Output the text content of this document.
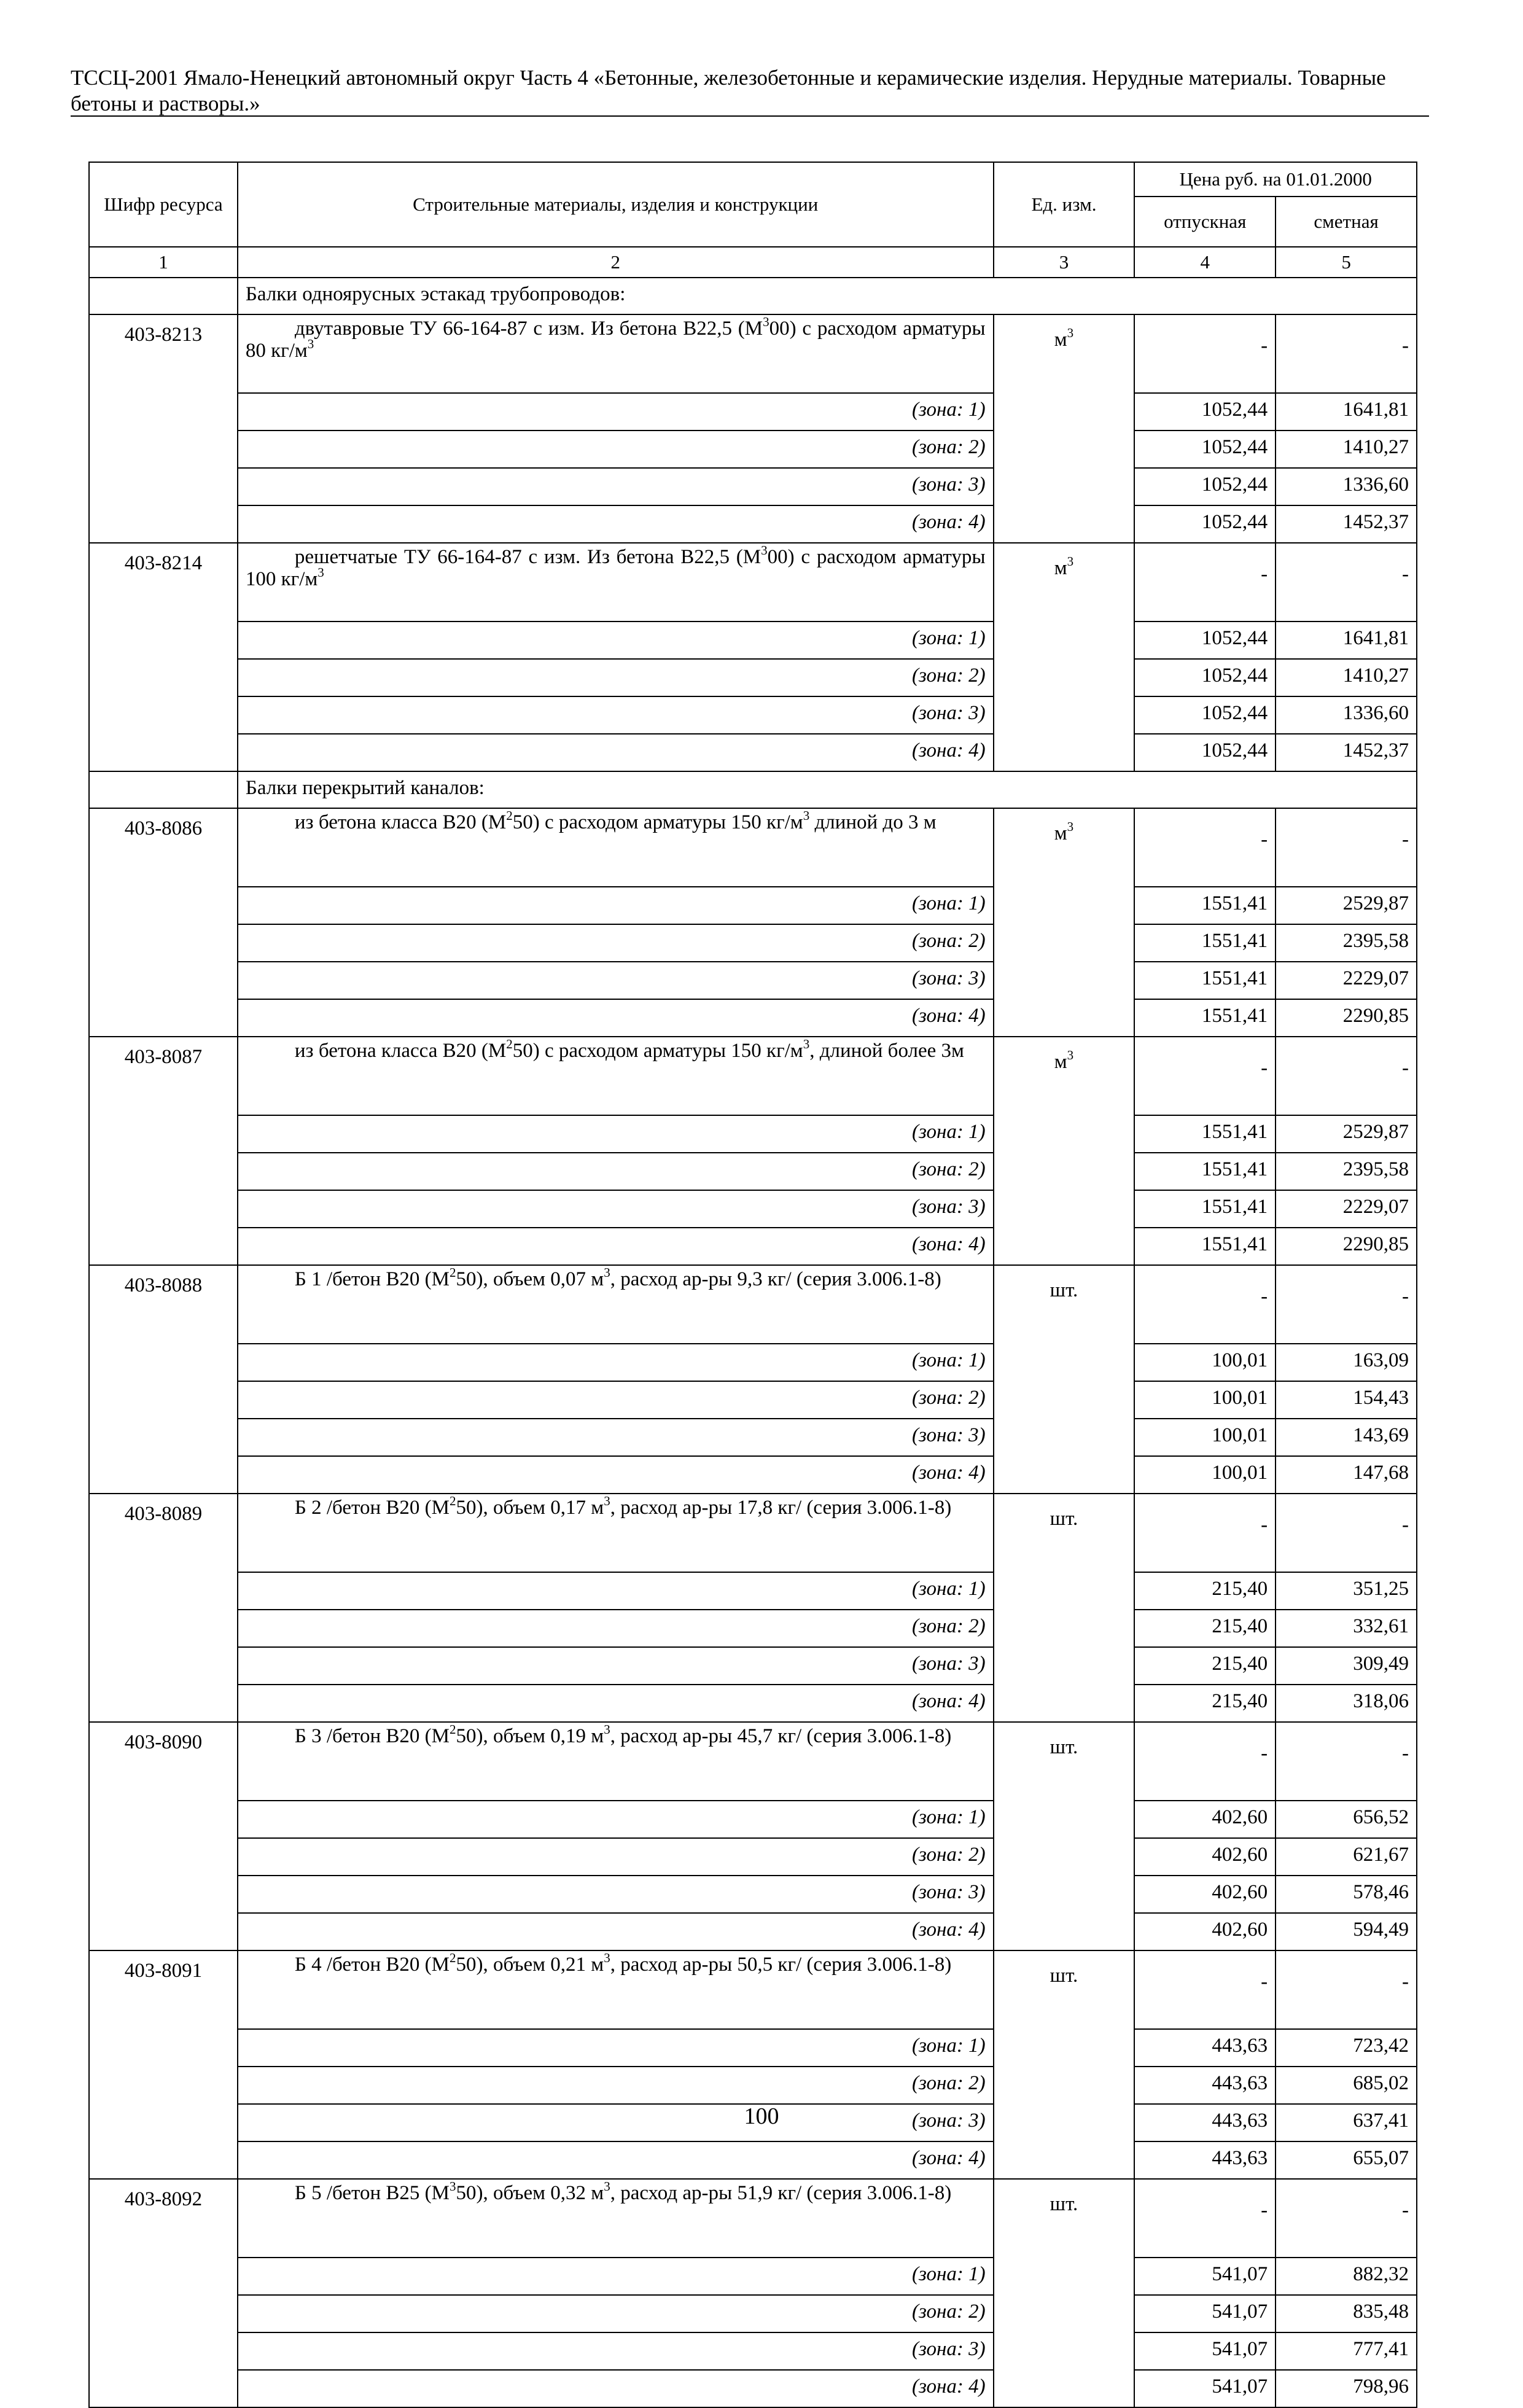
ТССЦ-2001 Ямало-Ненецкий автономный округ Часть 4 «Бетонные, железобетонные и керамические изделия. Нерудные материалы. Товарные бетоны и растворы.»
Шифр ресурса	Строительные материалы, изделия и конструкции	Ед. изм.	Цена руб. на 01.01.2000	
			отпускная	сметная
1	2	3	4	5
	Балки одноярусных эстакад трубопроводов:			
403-8213	двутавровые ТУ 66-164-87 с изм. Из бетона В22,5 $(М^300)$ с расходом арматуры 80 $кг/м^3$	$м^3$	-	-
	(зона: 1)		1052,44	1641,81
	(зона: 2)		1052,44	1410,27
	(зона: 3)		1052,44	1336,60
	(зона: 4)		1052,44	1452,37
403-8214	решетчатые ТУ 66-164-87 с изм. Из бетона В22,5 $(М^300)$ с расходом арматуры 100 $кг/м^3$	$м^3$	-	-
	(зона: 1)		1052,44	1641,81
	(зона: 2)		1052,44	1410,27
	(зона: 3)		1052,44	1336,60
	(зона: 4)		1052,44	1452,37
	Балки перекрытий каналов:			
403-8086	из бетона класса В20 $(М^250)$ с расходом арматуры 150 $кг/м^3$ длиной до 3 м	$м^3$	-	-
	(зона: 1)		1551,41	2529,87
	(зона: 2)		1551,41	2395,58
	(зона: 3)		1551,41	2229,07
	(зона: 4)		1551,41	2290,85
403-8087	из бетона класса В20 $(М^250)$ с расходом арматуры 150 $кг/м^3$, длиной более 3м	$м^3$	-	-
	(зона: 1)		1551,41	2529,87
	(зона: 2)		1551,41	2395,58
	(зона: 3)		1551,41	2229,07
	(зона: 4)		1551,41	2290,85
403-8088	Б 1 /бетон В20 $(М^250)$, объем 0,07 $м^3$, расход ар-ры 9,3 кг/ (серия 3.006.1-8)	шт.	-	-
	(зона: 1)		100,01	163,09
	(зона: 2)		100,01	154,43
	(зона: 3)		100,01	143,69
	(зона: 4)		100,01	147,68
403-8089	Б 2 /бетон В20 $(М^250)$, объем 0,17 $м^3$, расход ар-ры 17,8 кг/ (серия 3.006.1-8)	шт.	-	-
	(зона: 1)		215,40	351,25
	(зона: 2)		215,40	332,61
	(зона: 3)		215,40	309,49
	(зона: 4)		215,40	318,06
403-8090	Б 3 /бетон В20 $(М^250)$, объем 0,19 $м^3$, расход ар-ры 45,7 кг/ (серия 3.006.1-8)	шт.	-	-
	(зона: 1)		402,60	656,52
	(зона: 2)		402,60	621,67
	(зона: 3)		402,60	578,46
	(зона: 4)		402,60	594,49
403-8091	Б 4 /бетон В20 $(М^250)$, объем 0,21 $м^3$, расход ар-ры 50,5 кг/ (серия 3.006.1-8)	шт.	-	-
	(зона: 1)		443,63	723,42
	(зона: 2)		443,63	685,02
	(зона: 3)		443,63	637,41
	(зона: 4)		443,63	655,07
403-8092	Б 5 /бетон В25 $(М^350)$, объем 0,32 $м^3$, расход ар-ры 51,9 кг/ (серия 3.006.1-8)	шт.	-	-
	(зона: 1)		541,07	882,32
	(зона: 2)		541,07	835,48
	(зона: 3)		541,07	777,41
	(зона: 4)		541,07	798,96
100
